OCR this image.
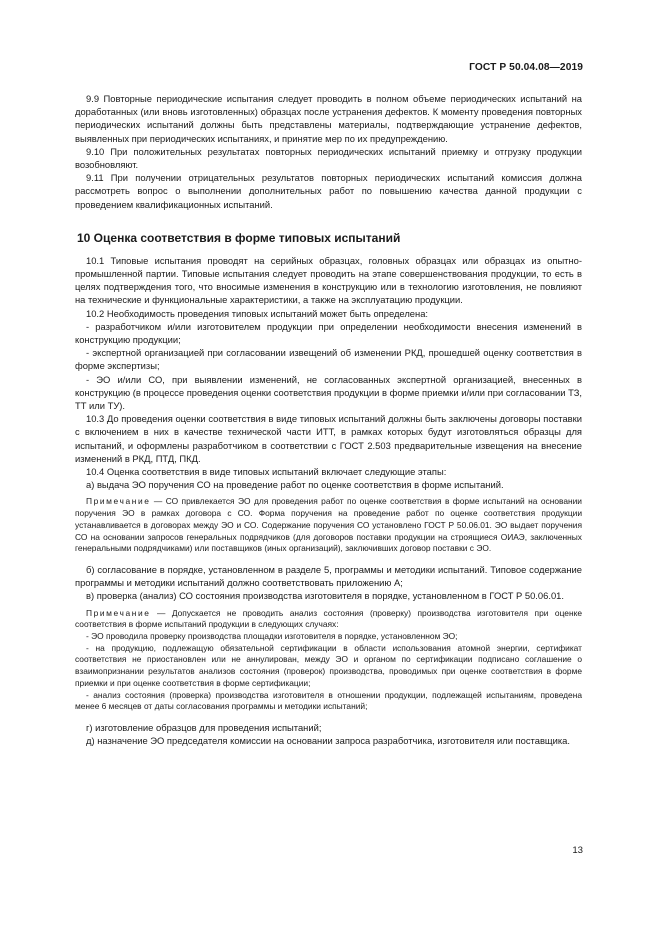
ГОСТ Р 50.04.08—2019

9.9 Повторные периодические испытания следует проводить в полном объеме периодических испытаний на доработанных (или вновь изготовленных) образцах после устранения дефектов. К моменту проведения повторных периодических испытаний должны быть представлены материалы, подтверждающие устранение дефектов, выявленных при периодических испытаниях, и принятие мер по их предупреждению.

9.10 При положительных результатах повторных периодических испытаний приемку и отгрузку продукции возобновляют.

9.11 При получении отрицательных результатов повторных периодических испытаний комиссия должна рассмотреть вопрос о выполнении дополнительных работ по повышению качества данной продукции с проведением квалификационных испытаний.

10 Оценка соответствия в форме типовых испытаний

10.1 Типовые испытания проводят на серийных образцах, головных образцах или образцах из опытно-промышленной партии. Типовые испытания следует проводить на этапе совершенствования продукции, то есть в целях подтверждения того, что вносимые изменения в конструкцию или в технологию изготовления, не повлияют на технические и функциональные характеристики, а также на эксплуатацию продукции.

10.2 Необходимость проведения типовых испытаний может быть определена:

- разработчиком и/или изготовителем продукции при определении необходимости внесения изменений в конструкцию продукции;

- экспертной организацией при согласовании извещений об изменении РКД, прошедшей оценку соответствия в форме экспертизы;

- ЭО и/или СО, при выявлении изменений, не согласованных экспертной организацией, внесенных в конструкцию (в процессе проведения оценки соответствия продукции в форме приемки и/или при согласовании ТЗ, ТТ или ТУ).

10.3 До проведения оценки соответствия в виде типовых испытаний должны быть заключены договоры поставки с включением в них в качестве технической части ИТТ, в рамках которых будут изготовляться образцы для испытаний, и оформлены разработчиком в соответствии с ГОСТ 2.503 предварительные извещения на внесение изменений в РКД, ПТД, ПКД.

10.4 Оценка соответствия в виде типовых испытаний включает следующие этапы:

а) выдача ЭО поручения СО на проведение работ по оценке соответствия в форме испытаний.

Примечание — СО привлекается ЭО для проведения работ по оценке соответствия в форме испытаний на основании поручения ЭО в рамках договора с СО. Форма поручения на проведение работ по оценке соответствия продукции устанавливается в договорах между ЭО и СО. Содержание поручения СО установлено ГОСТ Р 50.06.01. ЭО выдает поручения СО на основании запросов генеральных подрядчиков (для договоров поставки продукции на строящиеся ОИАЭ, заключенных генеральными подрядчиками) или поставщиков (иных организаций), заключивших договор поставки с ЭО.

б) согласование в порядке, установленном в разделе 5, программы и методики испытаний. Типовое содержание программы и методики испытаний должно соответствовать приложению А;

в) проверка (анализ) СО состояния производства изготовителя в порядке, установленном в ГОСТ Р 50.06.01.

Примечание — Допускается не проводить анализ состояния (проверку) производства изготовителя при оценке соответствия в форме испытаний продукции в следующих случаях:

- ЭО проводила проверку производства площадки изготовителя в порядке, установленном ЭО;

- на продукцию, подлежащую обязательной сертификации в области использования атомной энергии, сертификат соответствия не приостановлен или не аннулирован, между ЭО и органом по сертификации подписано соглашение о взаимопризнании результатов анализов состояния (проверок) производства, проводимых при оценке соответствия в форме приемки и при оценке соответствия в форме сертификации;

- анализ состояния (проверка) производства изготовителя в отношении продукции, подлежащей испытаниям, проведена менее 6 месяцев от даты согласования программы и методики испытаний;

г) изготовление образцов для проведения испытаний;

д) назначение ЭО председателя комиссии на основании запроса разработчика, изготовителя или поставщика.

13
